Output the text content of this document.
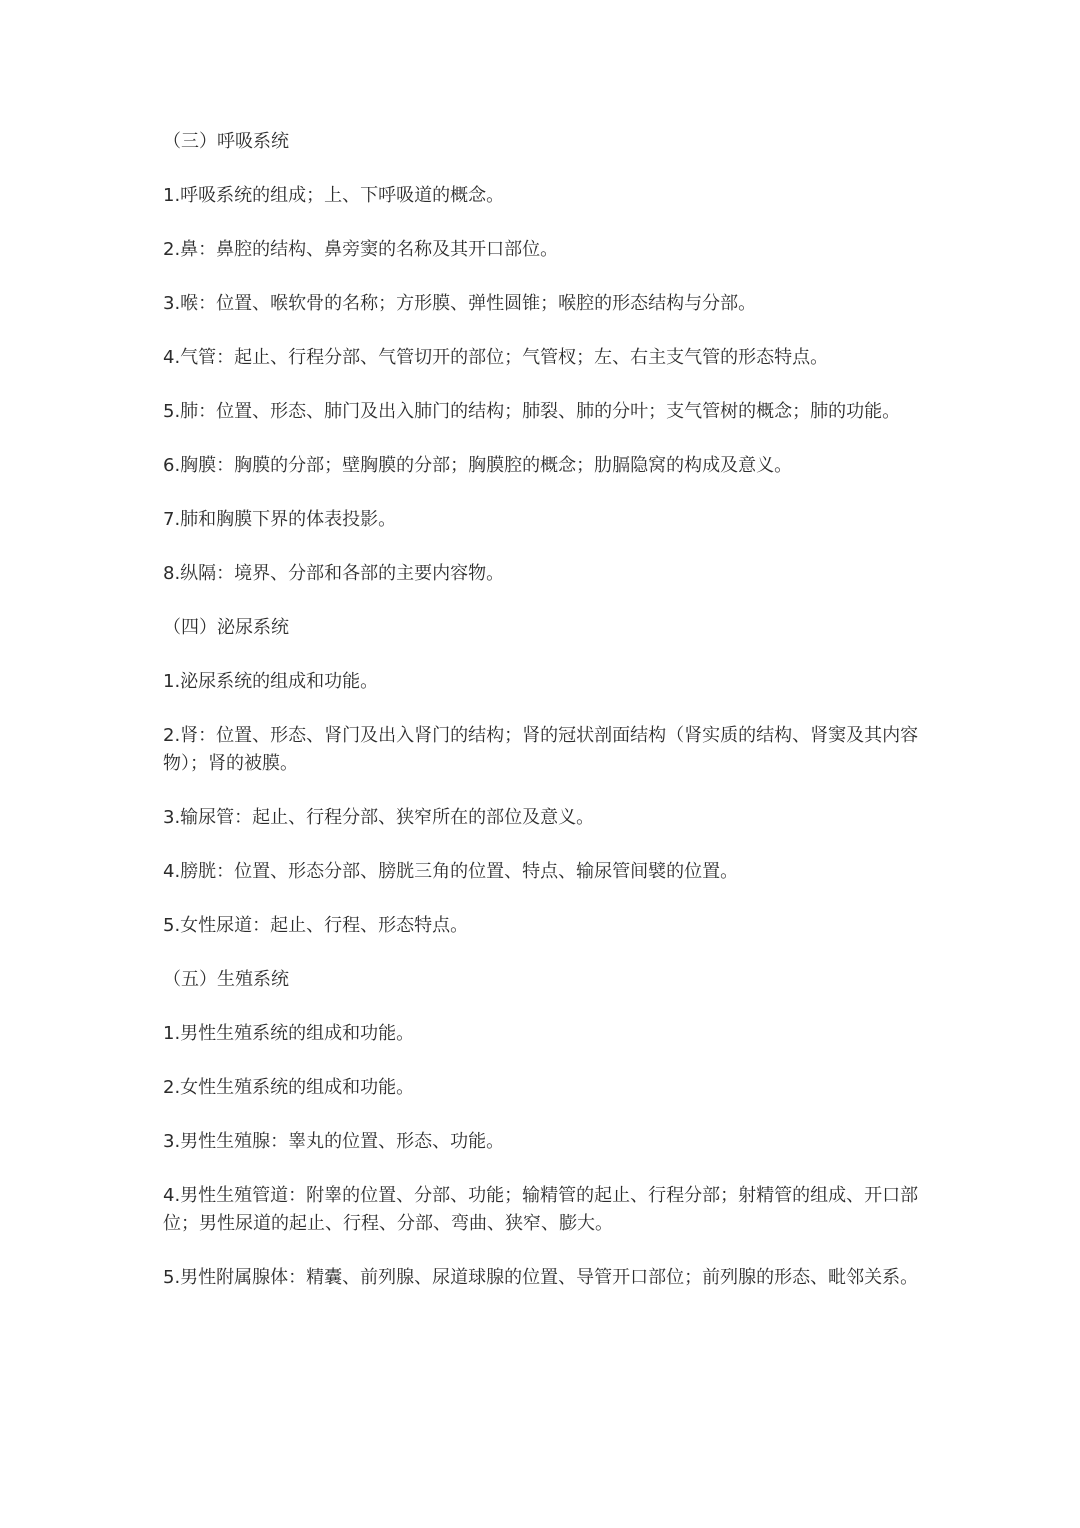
（三）呼吸系统

1.呼吸系统的组成；上、下呼吸道的概念。

2.鼻：鼻腔的结构、鼻旁窦的名称及其开口部位。

3.喉：位置、喉软骨的名称；方形膜、弹性圆锥；喉腔的形态结构与分部。

4.气管：起止、行程分部、气管切开的部位；气管杈；左、右主支气管的形态特点。

5.肺：位置、形态、肺门及出入肺门的结构；肺裂、肺的分叶；支气管树的概念；肺的功能。

6.胸膜：胸膜的分部；壁胸膜的分部；胸膜腔的概念；肋膈隐窝的构成及意义。

7.肺和胸膜下界的体表投影。

8.纵隔：境界、分部和各部的主要内容物。

（四）泌尿系统

1.泌尿系统的组成和功能。

2.肾：位置、形态、肾门及出入肾门的结构；肾的冠状剖面结构（肾实质的结构、肾窦及其内容物）；肾的被膜。

3.输尿管：起止、行程分部、狭窄所在的部位及意义。

4.膀胱：位置、形态分部、膀胱三角的位置、特点、输尿管间襞的位置。

5.女性尿道：起止、行程、形态特点。

（五）生殖系统

1.男性生殖系统的组成和功能。

2.女性生殖系统的组成和功能。

3.男性生殖腺：睾丸的位置、形态、功能。

4.男性生殖管道：附睾的位置、分部、功能；输精管的起止、行程分部；射精管的组成、开口部位；男性尿道的起止、行程、分部、弯曲、狭窄、膨大。

5.男性附属腺体：精囊、前列腺、尿道球腺的位置、导管开口部位；前列腺的形态、毗邻关系。
